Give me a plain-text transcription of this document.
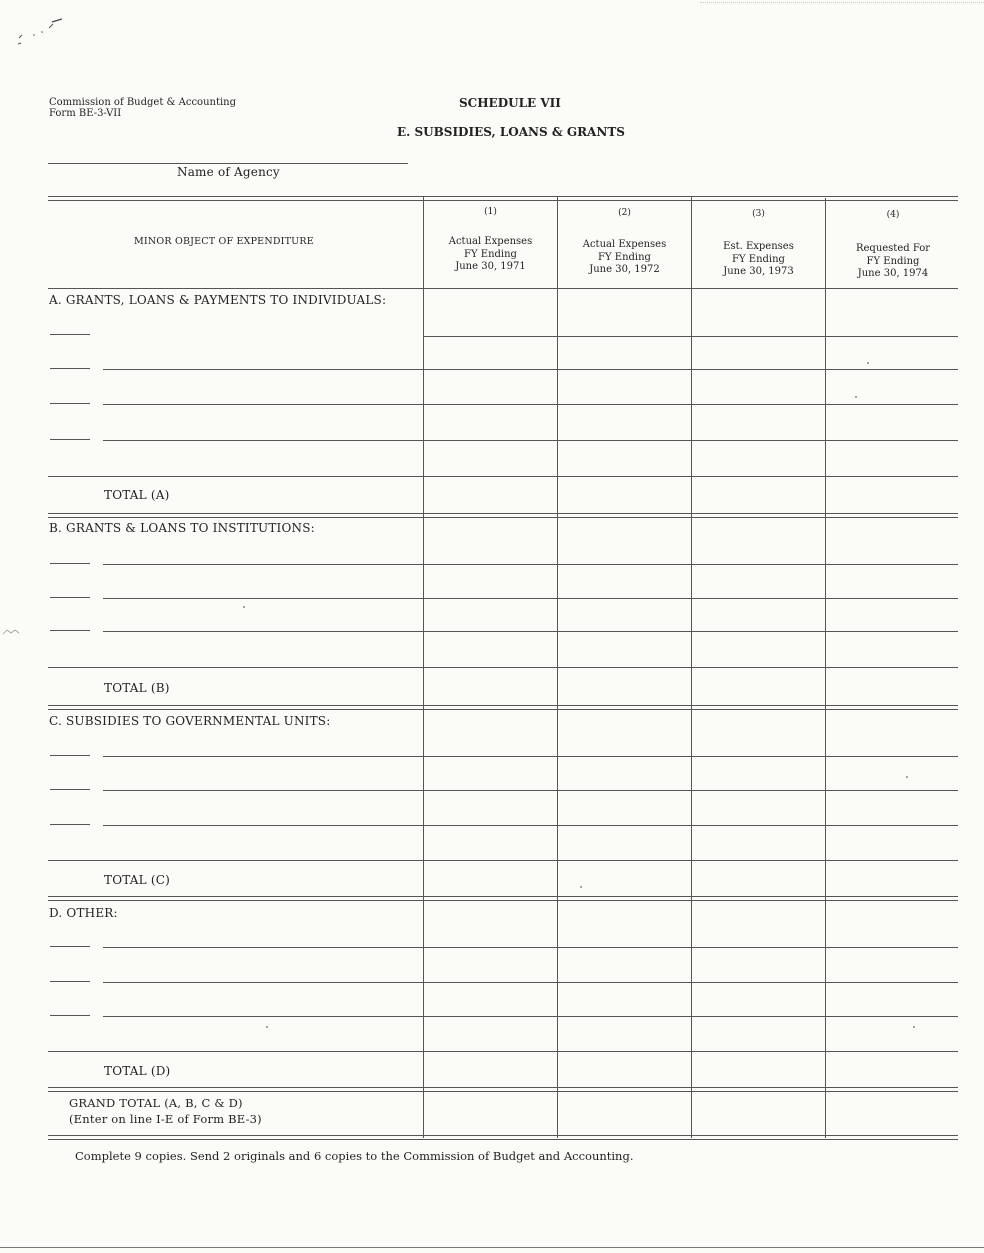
Commission of Budget & Accounting
Form BE-3-VII
SCHEDULE VII
E. SUBSIDIES, LOANS & GRANTS
Name of Agency
MINOR OBJECT OF EXPENDITURE
(1)
Actual Expenses
FY Ending
June 30, 1971
(2)
Actual Expenses
FY Ending
June 30, 1972
(3)
Est. Expenses
FY Ending
June 30, 1973
(4)
Requested For
FY Ending
June 30, 1974
A. GRANTS, LOANS & PAYMENTS TO INDIVIDUALS:
TOTAL (A)
B. GRANTS & LOANS TO INSTITUTIONS:
TOTAL (B)
C. SUBSIDIES TO GOVERNMENTAL UNITS:
TOTAL (C)
D. OTHER:
TOTAL (D)
GRAND TOTAL (A, B, C & D)
(Enter on line I-E of Form BE-3)
Complete 9 copies. Send 2 originals and 6 copies to the Commission of Budget and Accounting.
